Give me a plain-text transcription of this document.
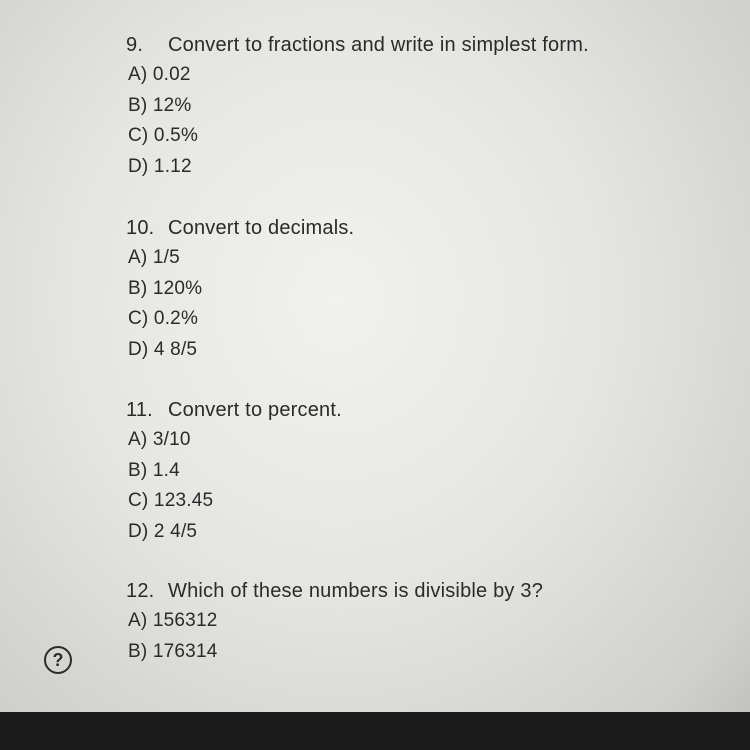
9. Convert to fractions and write in simplest form.
A) 0.02
B) 12%
C) 0.5%
D) 1.12
10. Convert to decimals.
A) 1/5
B) 120%
C) 0.2%
D) 4 8/5
11. Convert to percent.
A) 3/10
B) 1.4
C) 123.45
D) 2 4/5
12. Which of these numbers is divisible by 3?
A) 156312
B) 176314
?
